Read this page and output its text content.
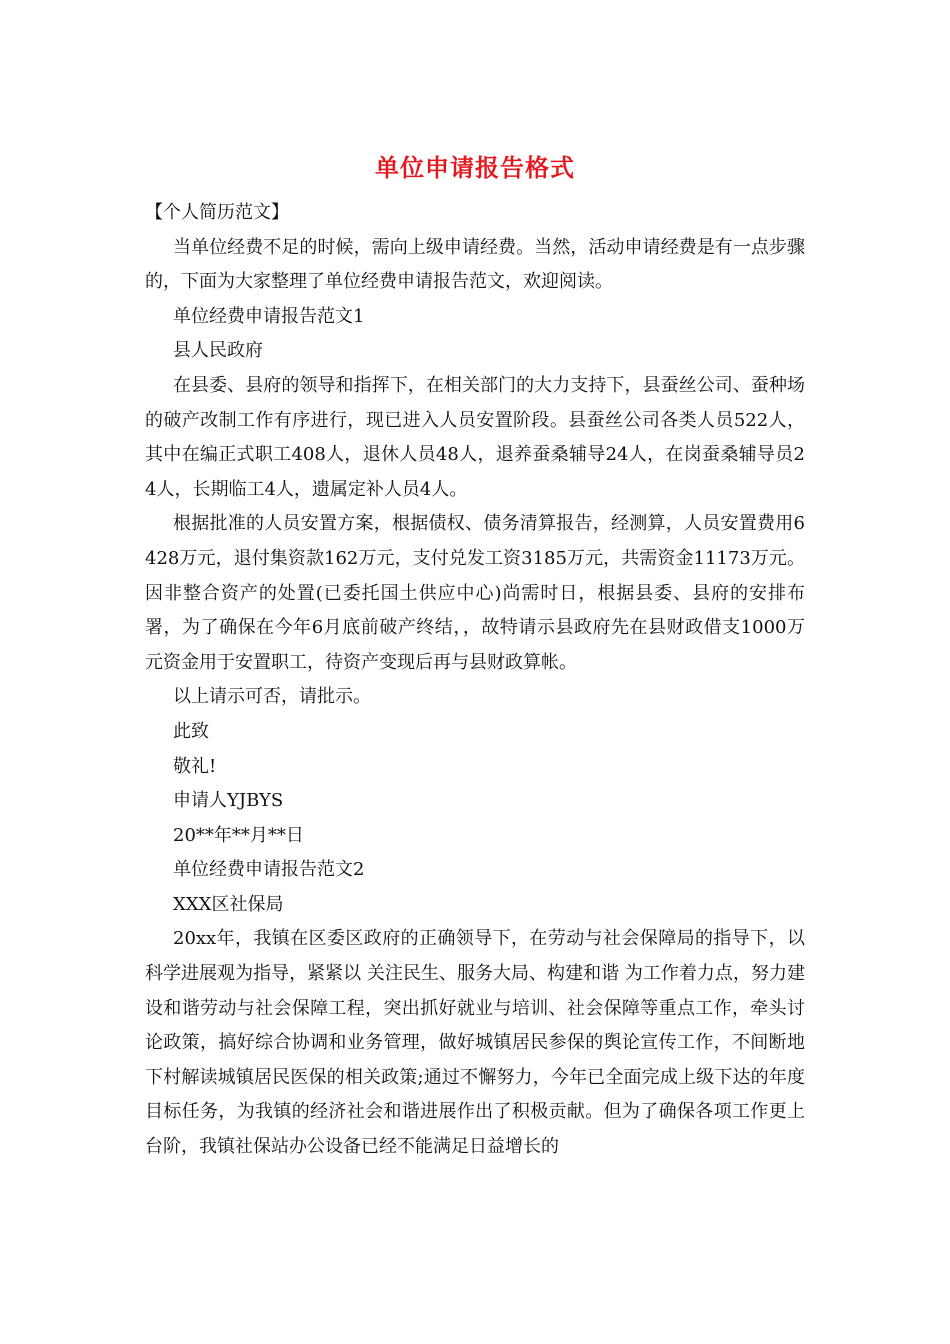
单位申请报告格式

【个人简历范文】

当单位经费不足的时候，需向上级申请经费。当然，活动申请经费是有一点步骤的，下面为大家整理了单位经费申请报告范文，欢迎阅读。

单位经费申请报告范文1

县人民政府

在县委、县府的领导和指挥下，在相关部门的大力支持下，县蚕丝公司、蚕种场的破产改制工作有序进行，现已进入人员安置阶段。县蚕丝公司各类人员522人，其中在编正式职工408人，退休人员48人，退养蚕桑辅导24人，在岗蚕桑辅导员24人，长期临工4人，遗属定补人员4人。

根据批准的人员安置方案，根据债权、债务清算报告，经测算，人员安置费用6428万元，退付集资款162万元，支付兑发工资3185万元，共需资金11173万元。因非整合资产的处置(已委托国土供应中心)尚需时日，根据县委、县府的安排布署，为了确保在今年6月底前破产终结，，故特请示县政府先在县财政借支1000万元资金用于安置职工，待资产变现后再与县财政算帐。

以上请示可否，请批示。

此致

敬礼!

申请人YJBYS

20**年**月**日

单位经费申请报告范文2

XXX区社保局

20xx年，我镇在区委区政府的正确领导下，在劳动与社会保障局的指导下，以科学进展观为指导，紧紧以 关注民生、服务大局、构建和谐 为工作着力点，努力建设和谐劳动与社会保障工程，突出抓好就业与培训、社会保障等重点工作，牵头讨论政策，搞好综合协调和业务管理，做好城镇居民参保的舆论宣传工作，不间断地下村解读城镇居民医保的相关政策;通过不懈努力，今年已全面完成上级下达的年度目标任务，为我镇的经济社会和谐进展作出了积极贡献。但为了确保各项工作更上台阶，我镇社保站办公设备已经不能满足日益增长的
